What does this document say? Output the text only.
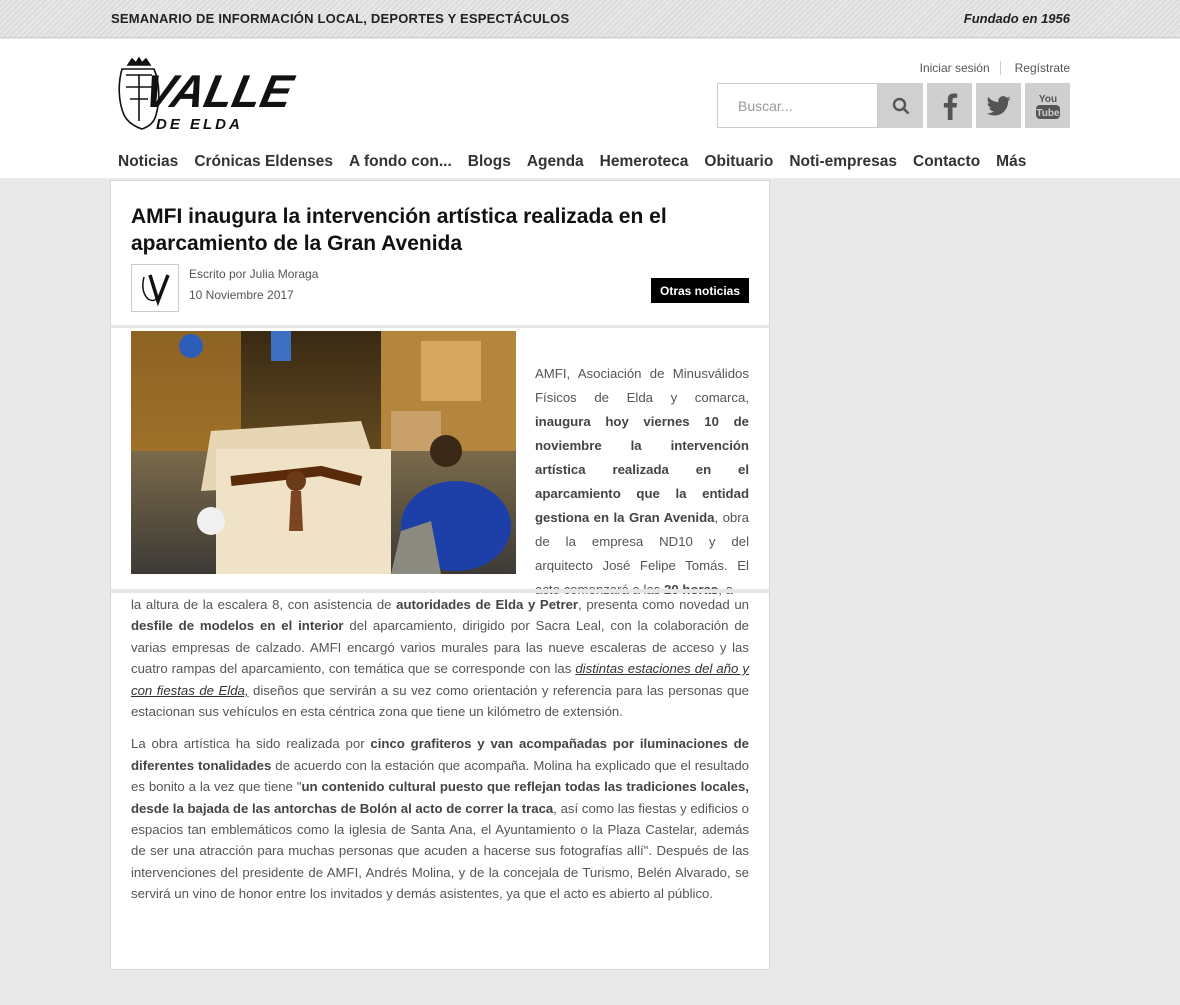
SEMANARIO DE INFORMACIÓN LOCAL, DEPORTES Y ESPECTÁCULOS	Fundado en 1956
VALLE
DE ELDA
Iniciar sesión Regístrate
Buscar...
You
Tube
Noticias Crónicas Eldenses A fondo con... Blogs Agenda Hemeroteca Obituario Noti-empresas Contacto Más
AMFI inaugura la intervención artística realizada en el aparcamiento de la Gran Avenida
Escrito por Julia Moraga
10 Noviembre 2017	Otras noticias
AMFI, Asociación de Minusválidos Físicos de Elda y comarca, inaugura hoy viernes 10 de noviembre la intervención artística realizada en el aparcamiento que la entidad gestiona en la Gran Avenida, obra de la empresa ND10 y del arquitecto José Felipe Tomás. El

la altura de la escalera 8, con asistencia de autoridades de Elda y Petrer, presenta como novedad un desfile de modelos en el interior del aparcamiento, dirigido por Sacra Leal, con la colaboración de varias empresas de calzado. AMFI encargó varios murales para las nueve escaleras de acceso y las cuatro rampas del aparcamiento, con temática que se corresponde con las distintas estaciones del año y con fiestas de Elda, diseños que servirán a su vez como orientación y referencia para las personas que estacionan sus vehículos en esta céntrica zona que tiene un kilómetro de extensión.

La obra artística ha sido realizada por cinco grafiteros y van acompañadas por iluminaciones de diferentes tonalidades de acuerdo con la estación que acompaña. Molina ha explicado que el resultado es bonito a la vez que tiene "un contenido cultural puesto que reflejan todas las tradiciones locales, desde la bajada de las antorchas de Bolón al acto de correr la traca, así como las fiestas y edificios o espacios tan emblemáticos como la iglesia de Santa Ana, el Ayuntamiento o la Plaza Castelar, además de ser una atracción para muchas personas que acuden a hacerse sus fotografías allí". Después de las intervenciones del presidente de AMFI, Andrés Molina, y de la concejala de Turismo, Belén Alvarado, se servirá un vino de honor entre los invitados y demás asistentes, ya que el acto es abierto al público.
